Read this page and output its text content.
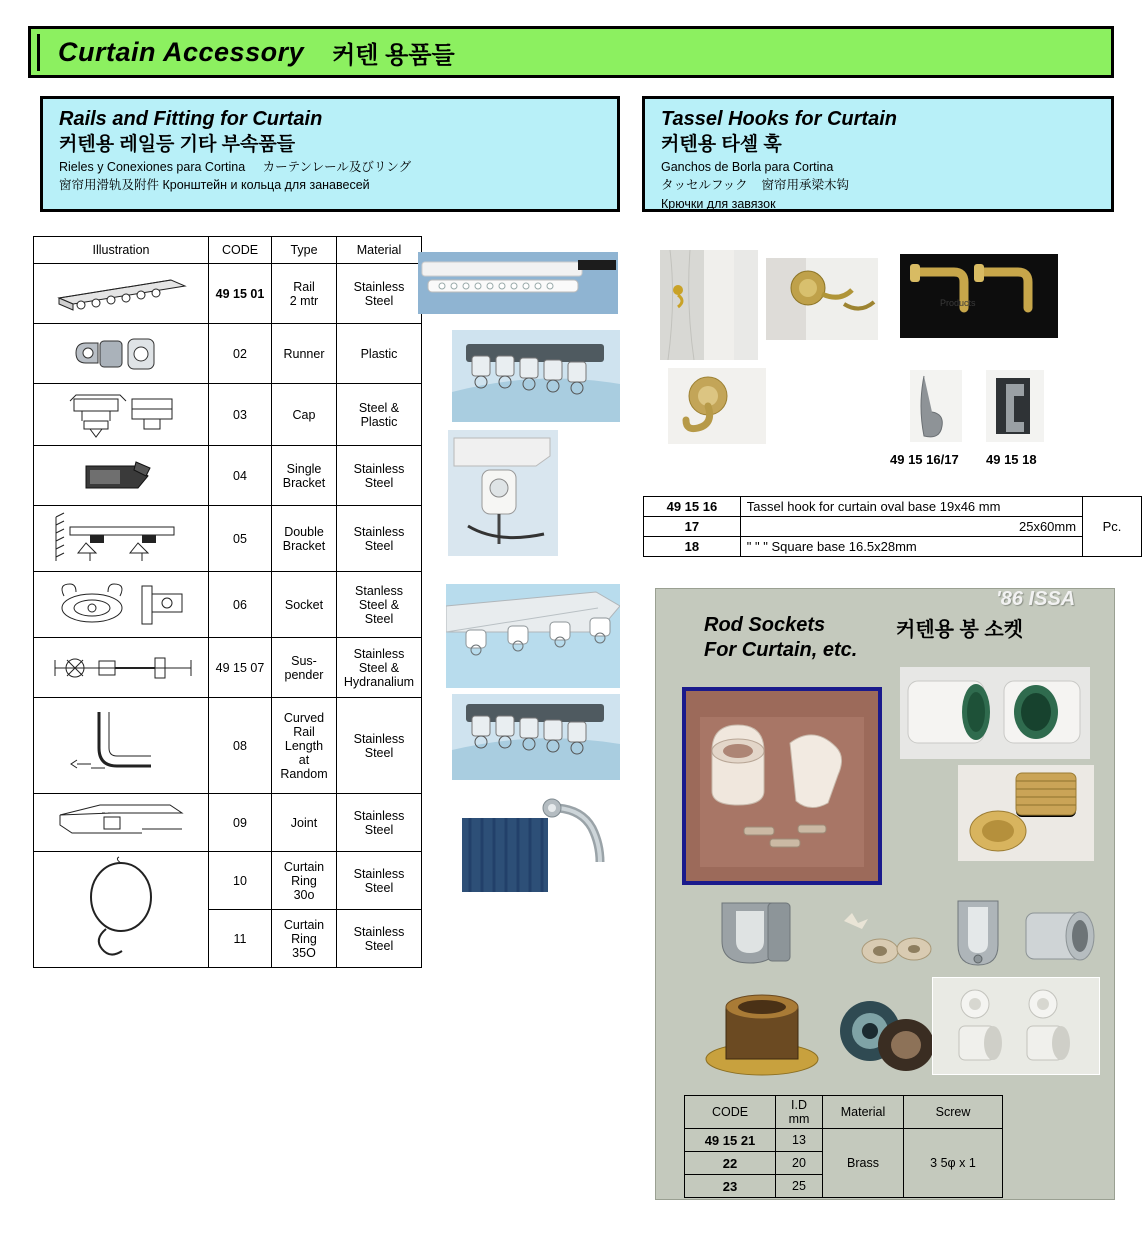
Curtain Accessory 커텐 용품들
Rails and Fitting for Curtain
커텐용 레일등 기타 부속품들
Rieles y Conexiones para Cortina カーテンレール及びリング
窗帘用滑轨及附件 Кронштейн и кольца для занавесей
Tassel Hooks for Curtain
커텐용 타셀 훅
Ganchos de Borla para Cortina
タッセルフック 窗帘用承梁木钩
Крючки для завязок
Illustration	CODE	Type	Material

	49 15 01	Rail
2 mtr	Stainless
Steel

	02	Runner	Plastic

	03	Cap	Steel &
Plastic

	04	Single
Bracket	Stainless
Steel

	05	Double
Bracket	Stainless
Steel

	06	Socket	Stanless
Steel &
Steel

	49 15 07	Sus-
pender	Stainless
Steel &
Hydranalium

	08	Curved
Rail
Length
at
Random	Stainless
Steel

	09	Joint	Stainless
Steel

	10	Curtain
Ring
30o	Stainless
Steel
	11	Curtain
Ring
35O	Stainless
Steel
Products
49 15 16/17 49 15 18
49 15 16	Tassel hook for curtain oval base 19x46 mm	Pc.
17	25x60mm	
18	" " " Square base 16.5x28mm	
Rod Sockets
For Curtain, etc.
커텐용 봉 소켓
CODE	I.D
mm	Material	Screw
49 15 21	13	Brass	3 5φ x 1
22	20		
23	25		
'86 ISSA
